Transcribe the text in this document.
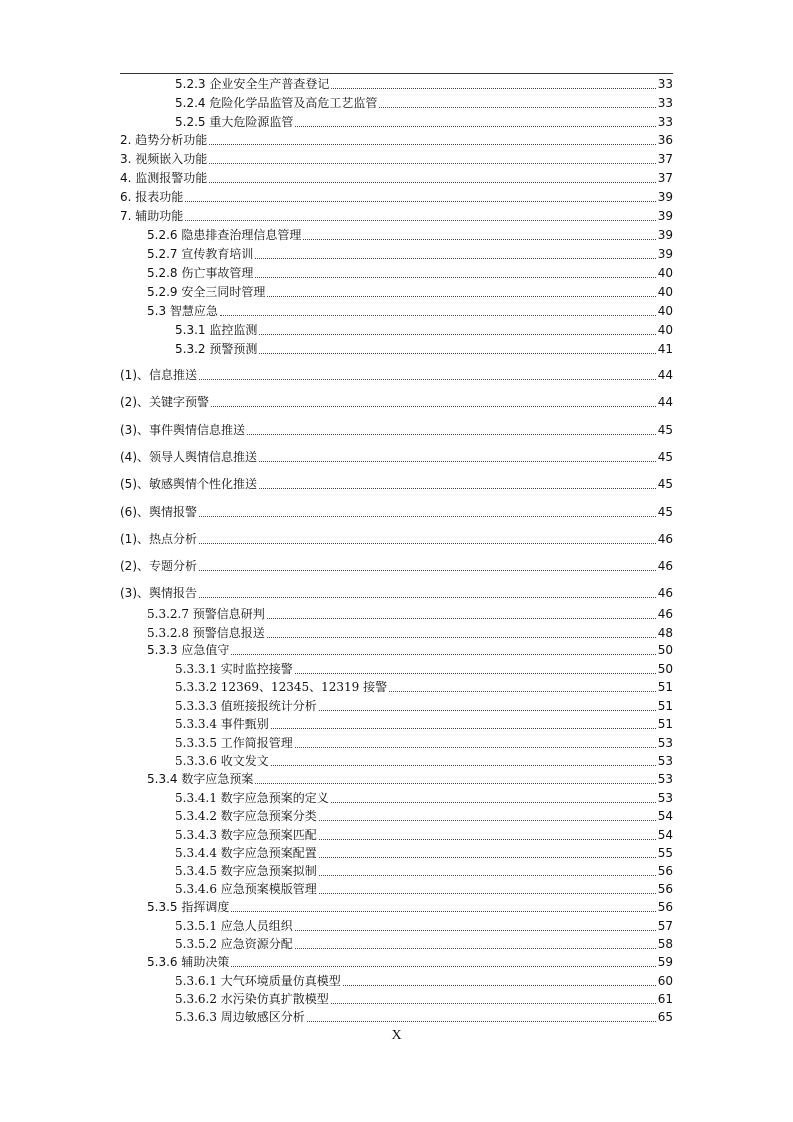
5.2.3 企业安全生产普查登记	33
5.2.4 危险化学品监管及高危工艺监管	33
5.2.5 重大危险源监管	33
2. 趋势分析功能	36
3. 视频嵌入功能	37
4. 监测报警功能	37
6. 报表功能	39
7. 辅助功能	39
5.2.6 隐患排查治理信息管理	39
5.2.7 宣传教育培训	39
5.2.8 伤亡事故管理	40
5.2.9 安全三同时管理	40
5.3 智慧应急	40
5.3.1 监控监测	40
5.3.2 预警预测	41
(1)、信息推送	44
(2)、关键字预警	44
(3)、事件舆情信息推送	45
(4)、领导人舆情信息推送	45
(5)、敏感舆情个性化推送	45
(6)、舆情报警	45
(1)、热点分析	46
(2)、专题分析	46
(3)、舆情报告	46
5.3.2.7 预警信息研判	46
5.3.2.8 预警信息报送	48
5.3.3 应急值守	50
5.3.3.1 实时监控接警	50
5.3.3.2 12369、12345、12319 接警	51
5.3.3.3 值班接报统计分析	51
5.3.3.4 事件甄别	51
5.3.3.5 工作简报管理	53
5.3.3.6 收文发文	53
5.3.4 数字应急预案	53
5.3.4.1 数字应急预案的定义	53
5.3.4.2 数字应急预案分类	54
5.3.4.3 数字应急预案匹配	54
5.3.4.4 数字应急预案配置	55
5.3.4.5 数字应急预案拟制	56
5.3.4.6 应急预案模版管理	56
5.3.5 指挥调度	56
5.3.5.1 应急人员组织	57
5.3.5.2 应急资源分配	58
5.3.6 辅助决策	59
5.3.6.1 大气环境质量仿真模型	60
5.3.6.2 水污染仿真扩散模型	61
5.3.6.3 周边敏感区分析	65
X
